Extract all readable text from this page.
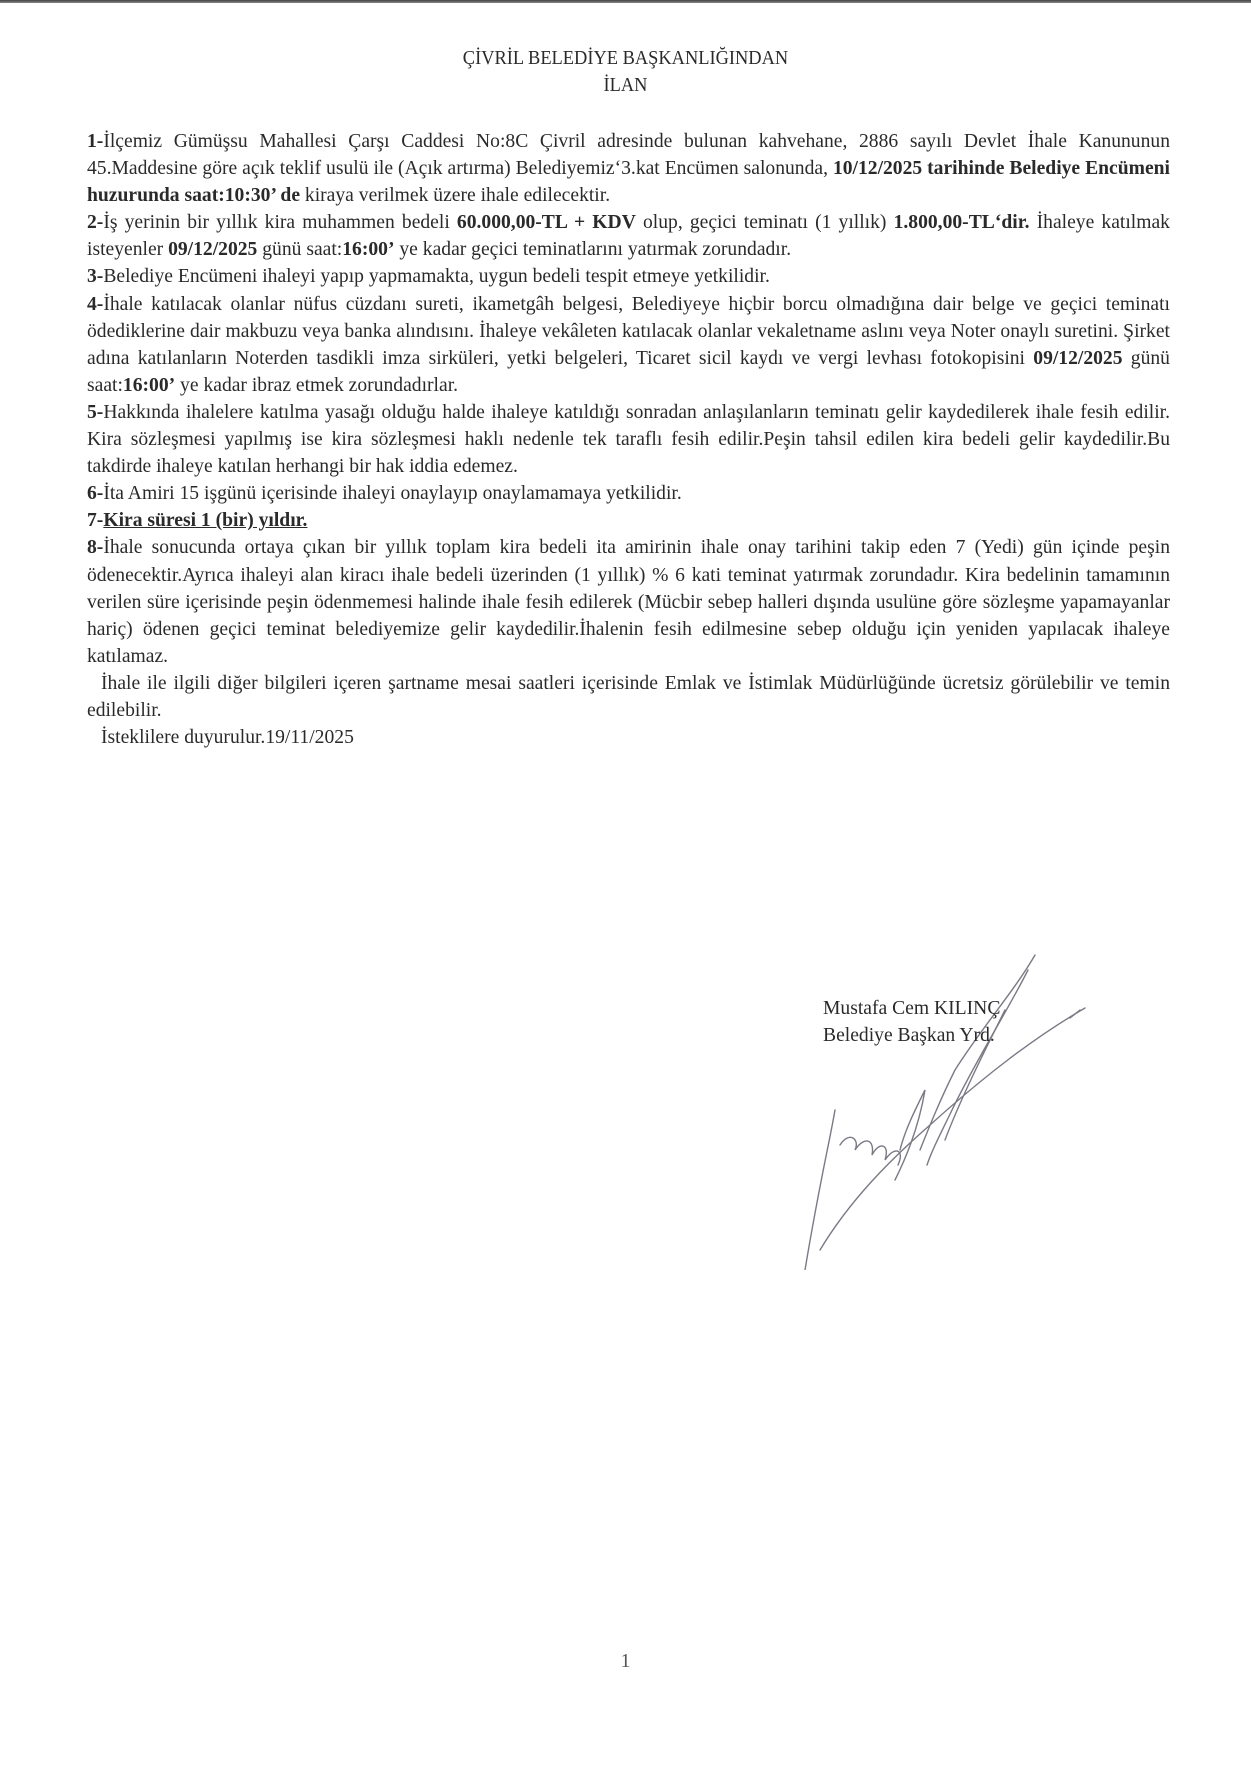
ÇİVRİL BELEDİYE BAŞKANLIĞINDAN
İLAN

1-İlçemiz Gümüşsu Mahallesi Çarşı Caddesi No:8C Çivril adresinde bulunan kahvehane, 2886 sayılı Devlet İhale Kanununun 45.Maddesine göre açık teklif usulü ile (Açık artırma) Belediyemiz‘3.kat Encümen salonunda, 10/12/2025 tarihinde Belediye Encümeni huzurunda saat:10:30’ de kiraya verilmek üzere ihale edilecektir.

2-İş yerinin bir yıllık kira muhammen bedeli 60.000,00-TL + KDV olup, geçici teminatı (1 yıllık) 1.800,00-TL‘dir. İhaleye katılmak isteyenler 09/12/2025 günü saat:16:00’ ye kadar geçici teminatlarını yatırmak zorundadır.

3-Belediye Encümeni ihaleyi yapıp yapmamakta, uygun bedeli tespit etmeye yetkilidir.

4-İhale katılacak olanlar nüfus cüzdanı sureti, ikametgâh belgesi, Belediyeye hiçbir borcu olmadığına dair belge ve geçici teminatı ödediklerine dair makbuzu veya banka alındısını. İhaleye vekâleten katılacak olanlar vekaletname aslını veya Noter onaylı suretini. Şirket adına katılanların Noterden tasdikli imza sirküleri, yetki belgeleri, Ticaret sicil kaydı ve vergi levhası fotokopisini 09/12/2025 günü saat:16:00’ ye kadar ibraz etmek zorundadırlar.

5-Hakkında ihalelere katılma yasağı olduğu halde ihaleye katıldığı sonradan anlaşılanların teminatı gelir kaydedilerek ihale fesih edilir. Kira sözleşmesi yapılmış ise kira sözleşmesi haklı nedenle tek taraflı fesih edilir.Peşin tahsil edilen kira bedeli gelir kaydedilir.Bu takdirde ihaleye katılan herhangi bir hak iddia edemez.

6-İta Amiri 15 işgünü içerisinde ihaleyi onaylayıp onaylamamaya yetkilidir.

7-Kira süresi 1 (bir) yıldır.

8-İhale sonucunda ortaya çıkan bir yıllık toplam kira bedeli ita amirinin ihale onay tarihini takip eden 7 (Yedi) gün içinde peşin ödenecektir.Ayrıca ihaleyi alan kiracı ihale bedeli üzerinden (1 yıllık) % 6 kati teminat yatırmak zorundadır. Kira bedelinin tamamının verilen süre içerisinde peşin ödenmemesi halinde ihale fesih edilerek (Mücbir sebep halleri dışında usulüne göre sözleşme yapamayanlar hariç) ödenen geçici teminat belediyemize gelir kaydedilir.İhalenin fesih edilmesine sebep olduğu için yeniden yapılacak ihaleye katılamaz.

İhale ile ilgili diğer bilgileri içeren şartname mesai saatleri içerisinde Emlak ve İstimlak Müdürlüğünde ücretsiz görülebilir ve temin edilebilir.

İsteklilere duyurulur.19/11/2025

Mustafa Cem KILINÇ
Belediye Başkan Yrd.
1
